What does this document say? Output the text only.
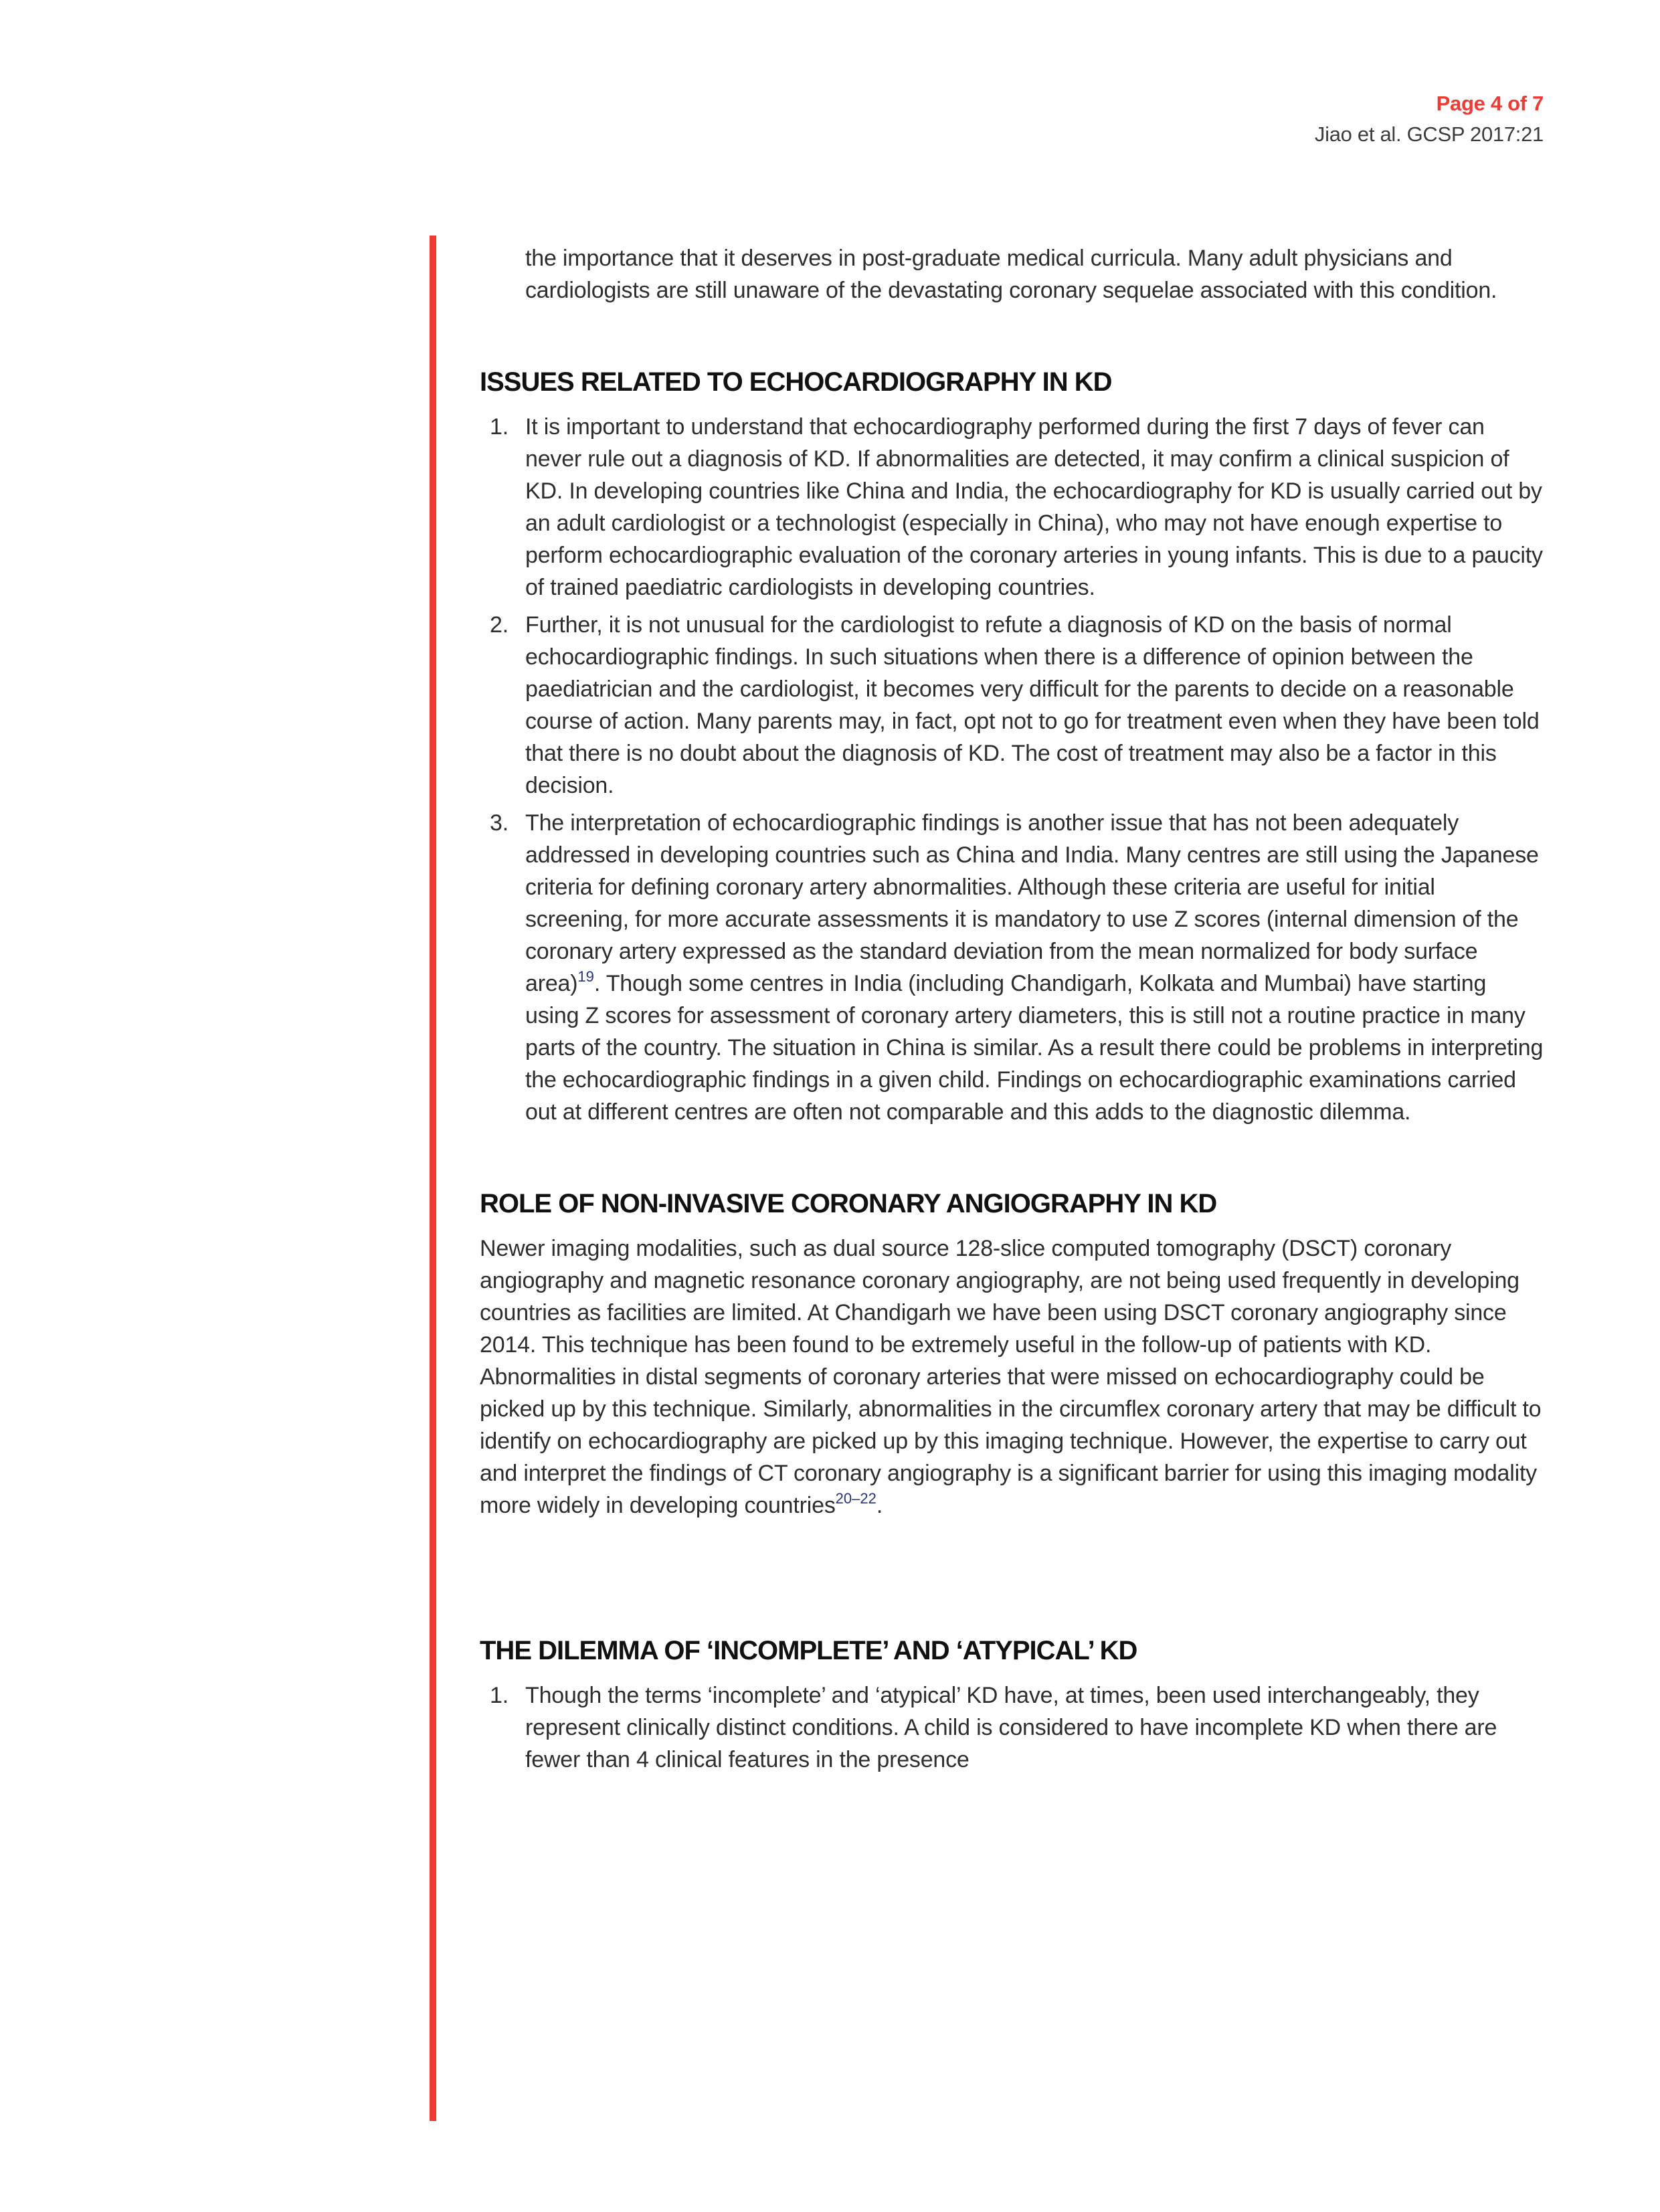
Page 4 of 7
Jiao et al. GCSP 2017:21

the importance that it deserves in post-graduate medical curricula. Many adult physicians and cardiologists are still unaware of the devastating coronary sequelae associated with this condition.

ISSUES RELATED TO ECHOCARDIOGRAPHY IN KD
1. It is important to understand that echocardiography performed during the first 7 days of fever can never rule out a diagnosis of KD. If abnormalities are detected, it may confirm a clinical suspicion of KD. In developing countries like China and India, the echocardiography for KD is usually carried out by an adult cardiologist or a technologist (especially in China), who may not have enough expertise to perform echocardiographic evaluation of the coronary arteries in young infants. This is due to a paucity of trained paediatric cardiologists in developing countries.
2. Further, it is not unusual for the cardiologist to refute a diagnosis of KD on the basis of normal echocardiographic findings. In such situations when there is a difference of opinion between the paediatrician and the cardiologist, it becomes very difficult for the parents to decide on a reasonable course of action. Many parents may, in fact, opt not to go for treatment even when they have been told that there is no doubt about the diagnosis of KD. The cost of treatment may also be a factor in this decision.
3. The interpretation of echocardiographic findings is another issue that has not been adequately addressed in developing countries such as China and India. Many centres are still using the Japanese criteria for defining coronary artery abnormalities. Although these criteria are useful for initial screening, for more accurate assessments it is mandatory to use Z scores (internal dimension of the coronary artery expressed as the standard deviation from the mean normalized for body surface area)$^{19}$. Though some centres in India (including Chandigarh, Kolkata and Mumbai) have starting using Z scores for assessment of coronary artery diameters, this is still not a routine practice in many parts of the country. The situation in China is similar. As a result there could be problems in interpreting the echocardiographic findings in a given child. Findings on echocardiographic examinations carried out at different centres are often not comparable and this adds to the diagnostic dilemma.
ROLE OF NON-INVASIVE CORONARY ANGIOGRAPHY IN KD

Newer imaging modalities, such as dual source 128-slice computed tomography (DSCT) coronary angiography and magnetic resonance coronary angiography, are not being used frequently in developing countries as facilities are limited. At Chandigarh we have been using DSCT coronary angiography since 2014. This technique has been found to be extremely useful in the follow-up of patients with KD. Abnormalities in distal segments of coronary arteries that were missed on echocardiography could be picked up by this technique. Similarly, abnormalities in the circumflex coronary artery that may be difficult to identify on echocardiography are picked up by this imaging technique. However, the expertise to carry out and interpret the findings of CT coronary angiography is a significant barrier for using this imaging modality more widely in developing countries$^{20-22}$.

THE DILEMMA OF ‘INCOMPLETE’ AND ‘ATYPICAL’ KD
1. Though the terms ‘incomplete’ and ‘atypical’ KD have, at times, been used interchangeably, they represent clinically distinct conditions. A child is considered to have incomplete KD when there are fewer than 4 clinical features in the presence
